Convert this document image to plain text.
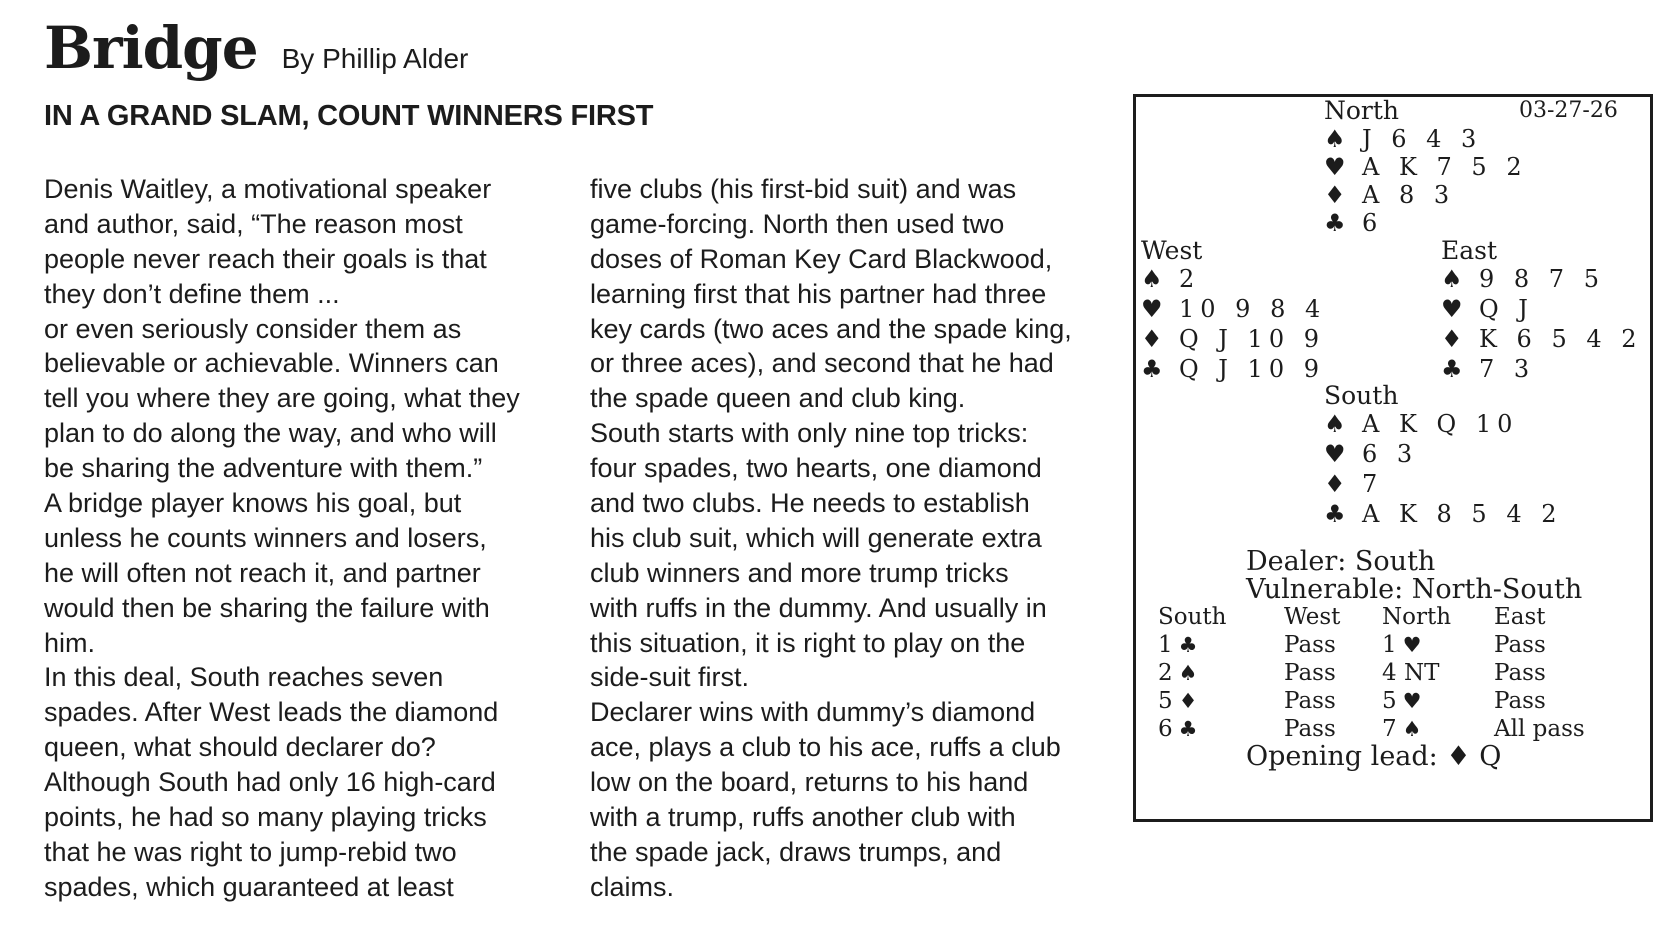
Bridge By Phillip Alder
IN A GRAND SLAM, COUNT WINNERS FIRST
Denis Waitley, a motivational speaker
and author, said, “The reason most
people never reach their goals is that
they don’t define them ...
or even seriously consider them as
believable or achievable. Winners can
tell you where they are going, what they
plan to do along the way, and who will
be sharing the adventure with them.”
A bridge player knows his goal, but
unless he counts winners and losers,
he will often not reach it, and partner
would then be sharing the failure with
him.
In this deal, South reaches seven
spades. After West leads the diamond
queen, what should declarer do?
Although South had only 16 high-card
points, he had so many playing tricks
that he was right to jump-rebid two
spades, which guaranteed at least
five clubs (his first-bid suit) and was
game-forcing. North then used two
doses of Roman Key Card Blackwood,
learning first that his partner had three
key cards (two aces and the spade king,
or three aces), and second that he had
the spade queen and club king.
South starts with only nine top tricks:
four spades, two hearts, one diamond
and two clubs. He needs to establish
his club suit, which will generate extra
club winners and more trump tricks
with ruffs in the dummy. And usually in
this situation, it is right to play on the
side-suit first.
Declarer wins with dummy’s diamond
ace, plays a club to his ace, ruffs a club
low on the board, returns to his hand
with a trump, ruffs another club with
the spade jack, draws trumps, and
claims.
03-27-26
North
♠ J 6 4 3
♥ A K 7 5 2
♦ A 8 3
♣ 6
West
♠ 2
♥ 10 9 8 4
♦ Q J 10 9
♣ Q J 10 9
East
♠ 9 8 7 5
♥ Q J
♦ K 6 5 4 2
♣ 7 3
South
♠ A K Q 10
♥ 6 3
♦ 7
♣ A K 8 5 4 2
Dealer: South
Vulnerable: North-South
South	West North East
1 ♣	Pass 1 ♥	Pass
2 ♠	Pass 4 NT Pass
5 ♦	Pass 5 ♥	Pass
6 ♣	Pass 7 ♠	All pass
Opening lead: ♦ Q
